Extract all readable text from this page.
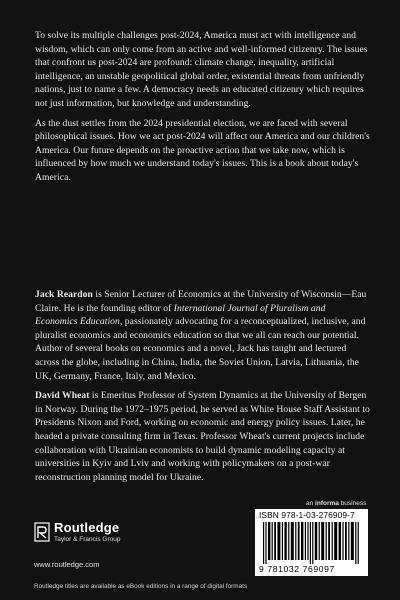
To solve its multiple challenges post-2024, America must act with intelligence and wisdom, which can only come from an active and well-informed citizenry. The issues that confront us post-2024 are profound: climate change, inequality, artificial intelligence, an unstable geopolitical global order, existential threats from unfriendly nations, just to name a few. A democracy needs an educated citizenry which requires not just information, but knowledge and understanding.

As the dust settles from the 2024 presidential election, we are faced with several philosophical issues. How we act post-2024 will affect our America and our children's America. Our future depends on the proactive action that we take now, which is influenced by how much we understand today's issues. This is a book about today's America.

Jack Reardon is Senior Lecturer of Economics at the University of Wisconsin—Eau Claire. He is the founding editor of International Journal of Pluralism and Economics Education, passionately advocating for a reconceptualized, inclusive, and pluralist economics and economics education so that we all can reach our potential. Author of several books on economics and a novel, Jack has taught and lectured across the globe, including in China, India, the Soviet Union, Latvia, Lithuania, the UK, Germany, France, Italy, and Mexico.

David Wheat is Emeritus Professor of System Dynamics at the University of Bergen in Norway. During the 1972–1975 period, he served as White House Staff Assistant to Presidents Nixon and Ford, working on economic and energy policy issues. Later, he headed a private consulting firm in Texas. Professor Wheat's current projects include collaboration with Ukrainian economists to build dynamic modeling capacity at universities in Kyiv and Lviv and working with policymakers on a post-war reconstruction planning model for Ukraine.

Routledge
Taylor & Francis Group
www.routledge.com
Routledge titles are available as eBook editions in a range of digital formats
an informa business
ISBN 978-1-03-276909-7
9 781032 769097
